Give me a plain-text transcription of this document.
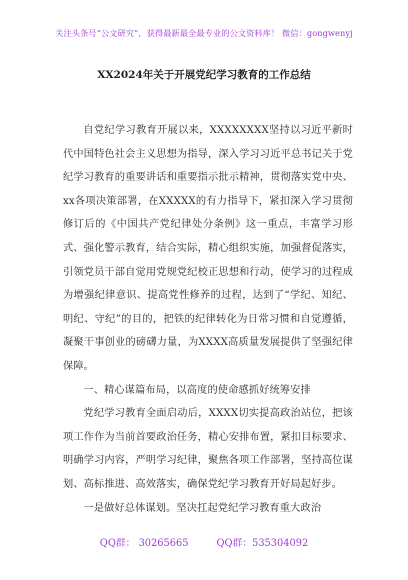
关注头条号“公文研究”，获得最新最全最专业的公文资料库！ 微信：gongwenyj
XX2024年关于开展党纪学习教育的工作总结

自党纪学习教育开展以来，XXXXXXXX坚持以习近平新时代中国特色社会主义思想为指导，深入学习习近平总书记关于党纪学习教育的重要讲话和重要指示批示精神，贯彻落实党中央、xx各项决策部署，在XXXXX的有力指导下，紧扣深入学习贯彻修订后的《中国共产党纪律处分条例》这一重点，丰富学习形式、强化警示教育，结合实际，精心组织实施，加强督促落实，引领党员干部自觉用党规党纪校正思想和行动，使学习的过程成为增强纪律意识、提高党性修养的过程，达到了“学纪、知纪、明纪、守纪”的目的，把铁的纪律转化为日常习惯和自觉遵循，凝聚干事创业的磅礴力量，为XXXX高质量发展提供了坚强纪律保障。

一、精心谋篇布局，以高度的使命感抓好统筹安排

党纪学习教育全面启动后，XXXX切实提高政治站位，把该项工作作为当前首要政治任务，精心安排布置，紧扣目标要求、明确学习内容，严明学习纪律，聚焦各项工作部署，坚持高位谋划、高标推进、高效落实，确保党纪学习教育开好局起好步。

一是做好总体谋划。坚决扛起党纪学习教育重大政治

QQ群： 30265665	QQ群：535304092
